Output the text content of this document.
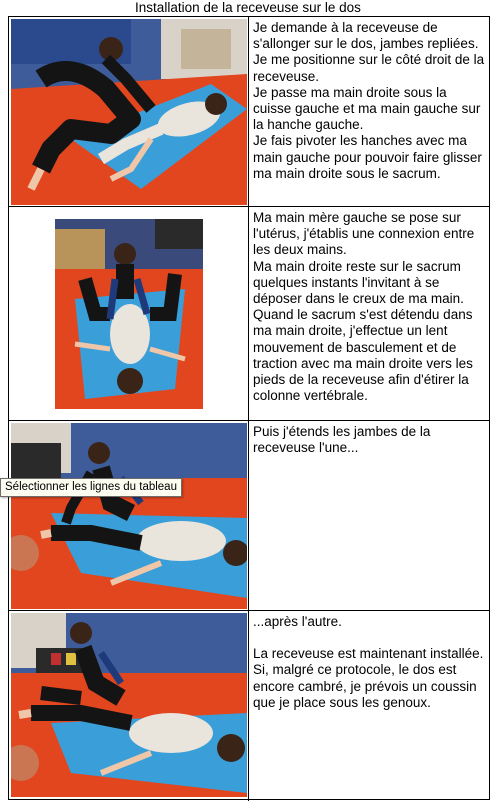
Installation de la receveuse sur le dos

Je demande à la receveuse de s'allonger sur le dos, jambes repliées. Je me positionne sur le côté droit de la receveuse.

Je passe ma main droite sous la cuisse gauche et ma main gauche sur la hanche gauche.

Je fais pivoter les hanches avec ma main gauche pour pouvoir faire glisser ma main droite sous le sacrum.

Ma main mère gauche se pose sur l'utérus, j'établis une connexion entre les deux mains.

Ma main droite reste sur le sacrum quelques instants l'invitant à se déposer dans le creux de ma main. Quand le sacrum s'est détendu dans ma main droite, j'effectue un lent mouvement de basculement et de traction avec ma main droite vers les pieds de la receveuse afin d'étirer la colonne vertébrale.

Puis j'étends les jambes de la receveuse l'une...

...après l'autre.

La receveuse est maintenant installée. Si, malgré ce protocole, le dos est encore cambré, je prévois un coussin que je place sous les genoux.

Sélectionner les lignes du tableau
